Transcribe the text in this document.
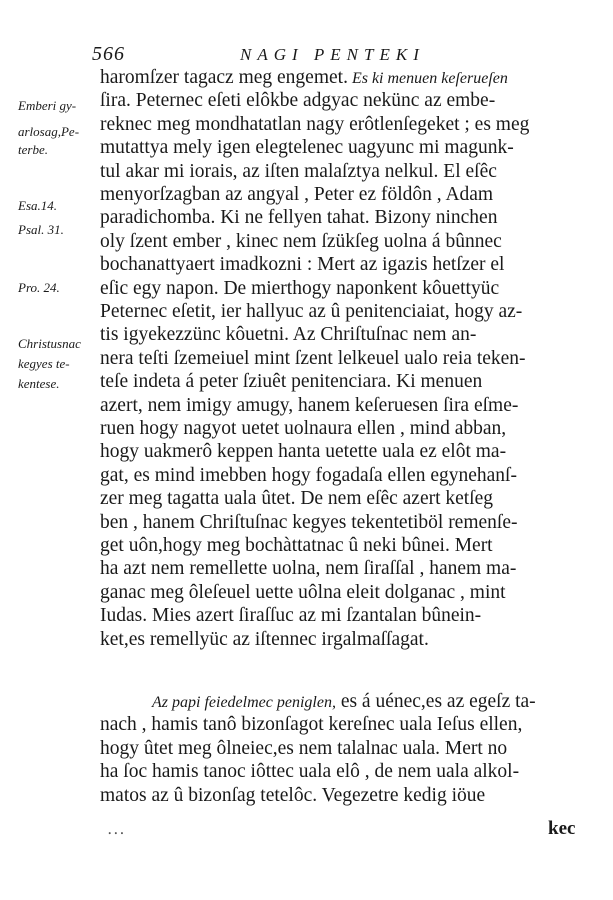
566	NAGI PENTEKI
Emberi gy-
arlosag,Pe-
terbe.
Esa.14.
Psal. 31.
Pro. 24.
Christusnac
kegyes te-
kentese.
haromſzer tagacz meg engemet. Es ki menuen keſerueſen
ſira. Peternec eſeti elôkbe adgyac nekünc az embe-
reknec meg mondhatatlan nagy erôtlenſegeket ; es meg
mutattya mely igen elegtelenec uagyunc mi magunk-
tul akar mi iorais, az iſten malaſztya nelkul. El eſêc
menyorſzagban az angyal , Peter ez földôn , Adam
paradichomba. Ki ne fellyen tahat. Bizony ninchen
oly ſzent ember , kinec nem ſzükſeg uolna á bûnnec
bochanattyaert imadkozni : Mert az igazis hetſzer el
eſic egy napon. De mierthogy naponkent kôuettyüc
Peternec eſetit, ier hallyuc az û penitenciaiat, hogy az-
tis igyekezzünc kôuetni. Az Chriſtuſnac nem an-
nera teſti ſzemeiuel mint ſzent lelkeuel ualo reia teken-
teſe indeta á peter ſziuêt penitenciara. Ki menuen
azert, nem imigy amugy, hanem keſeruesen ſira eſme-
ruen hogy nagyot uetet uolnaura ellen , mind abban,
hogy uakmerô keppen hanta uetette uala ez elôt ma-
gat, es mind imebben hogy fogadaſa ellen egynehanſ-
zer meg tagatta uala ûtet. De nem eſêc azert ketſeg
ben , hanem Chriſtuſnac kegyes tekentetiböl remenſe-
get uôn,hogy meg bochàttatnac û neki bûnei. Mert
ha azt nem remellette uolna, nem ſiraſſal , hanem ma-
ganac meg ôleſeuel uette uôlna eleit dolganac , mint
Iudas. Mies azert ſiraſſuc az mi ſzantalan bûnein-
ket,es remellyüc az iſtennec irgalmaſſagat.
Az papi feiedelmec peniglen, es á uénec,es az egeſz ta-
nach , hamis tanô bizonſagot kereſnec uala Ieſus ellen,
hogy ûtet meg ôlneiec,es nem talalnac uala. Mert no
ha ſoc hamis tanoc iôttec uala elô , de nem uala alkol-
matos az û bizonſag tetelôc. Vegezetre kedig iöue
kec
ꞏ ꞏ ꞏ
